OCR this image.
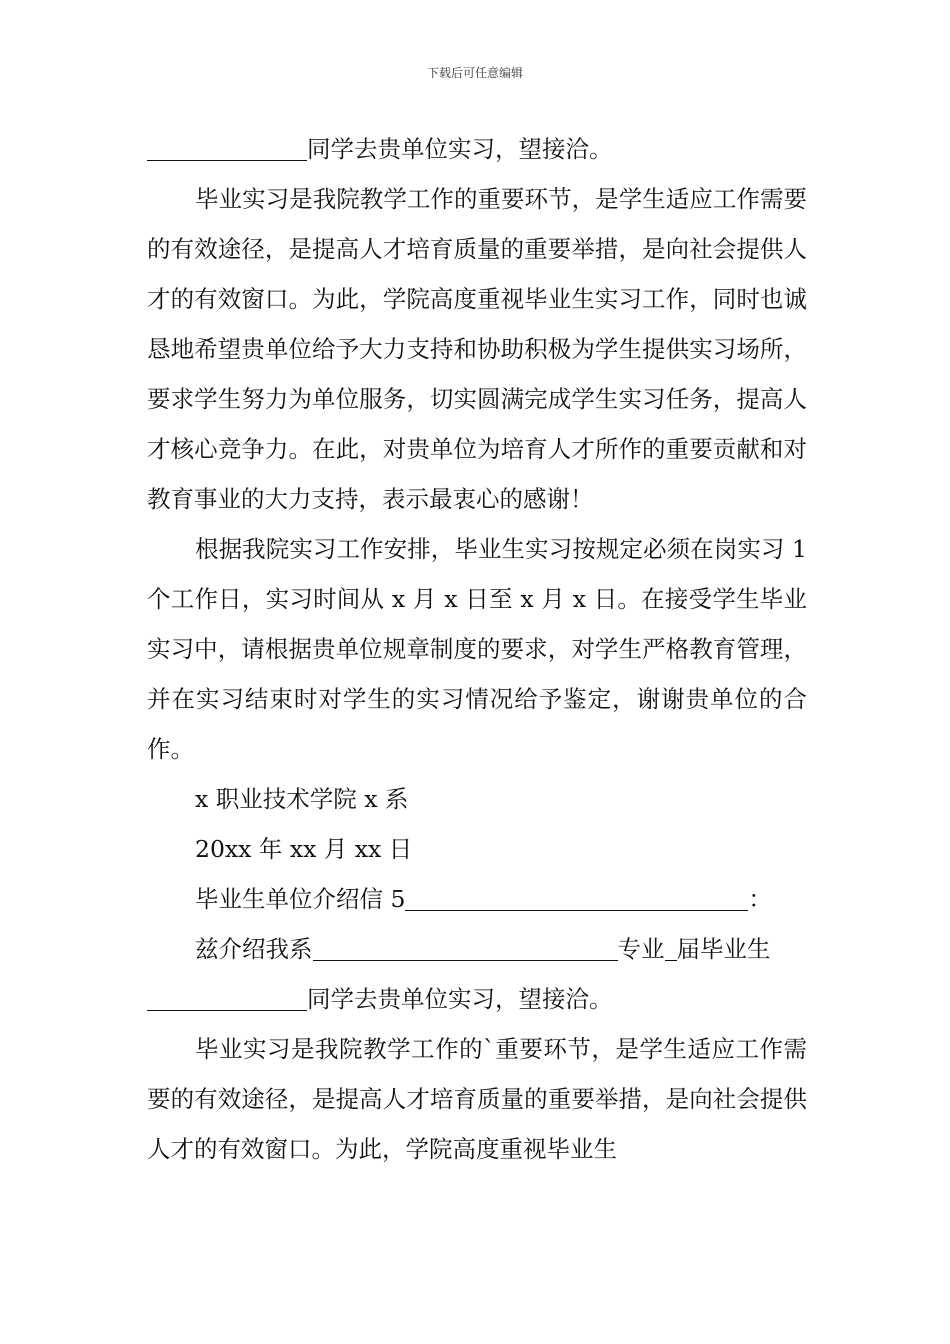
下载后可任意编辑

同学去贵单位实习，望接洽。

毕业实习是我院教学工作的重要环节，是学生适应工作需要的有效途径，是提高人才培育质量的重要举措，是向社会提供人才的有效窗口。为此，学院高度重视毕业生实习工作，同时也诚恳地希望贵单位给予大力支持和协助积极为学生提供实习场所，要求学生努力为单位服务，切实圆满完成学生实习任务，提高人才核心竞争力。在此，对贵单位为培育人才所作的重要贡献和对教育事业的大力支持，表示最衷心的感谢！

根据我院实习工作安排，毕业生实习按规定必须在岗实习 1 个工作日，实习时间从 x 月 x 日至 x 月 x 日。在接受学生毕业实习中，请根据贵单位规章制度的要求，对学生严格教育管理，并在实习结束时对学生的实习情况给予鉴定，谢谢贵单位的合作。

x 职业技术学院 x 系

20xx 年 xx 月 xx 日

毕业生单位介绍信 5	：

兹介绍我系	专业 届毕业生

同学去贵单位实习，望接洽。

毕业实习是我院教学工作的`重要环节，是学生适应工作需要的有效途径，是提高人才培育质量的重要举措，是向社会提供人才的有效窗口。为此，学院高度重视毕业生
